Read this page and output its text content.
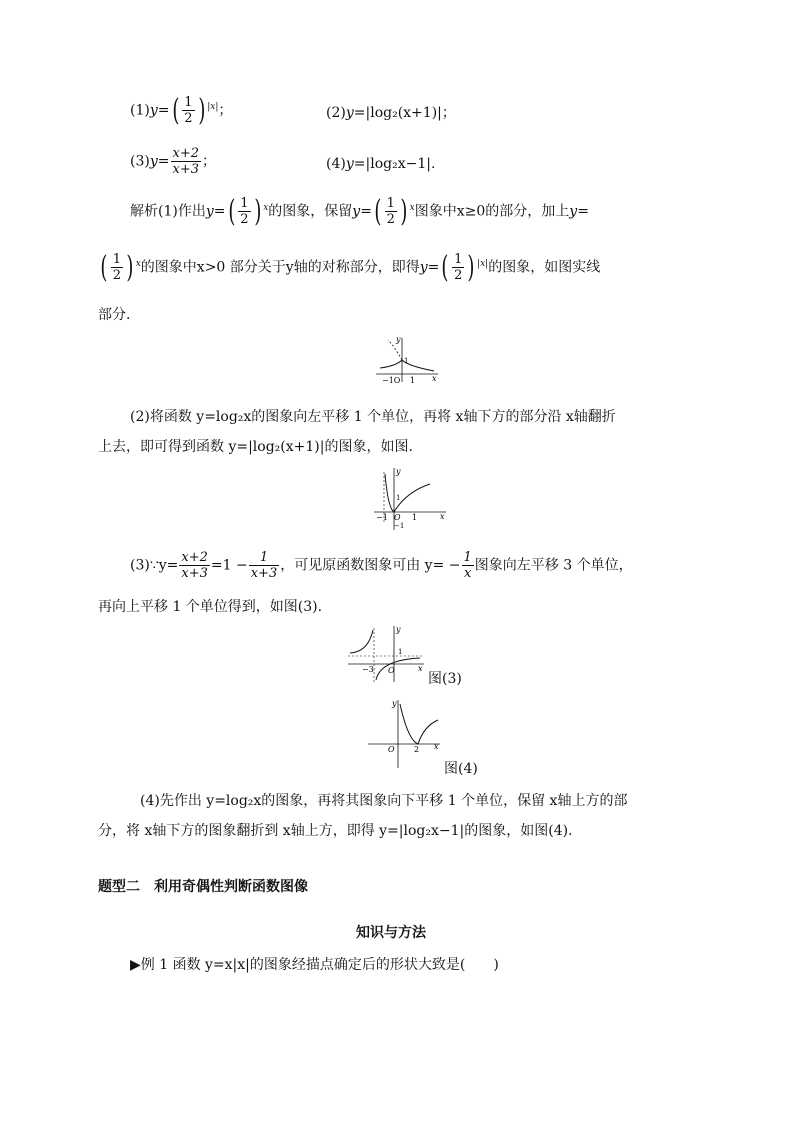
$(1)y=( \frac{1}{2}$ ) $^{|x|}$；	(2)y=|log₂(x+1)|；
$(3)y= \frac{x+2}{x+3}$ ；	(4)y=|log₂x−1|.
解析(1)作出$y=( \frac{1}{2}$ ) $^x$的图象，保留$y=( \frac{1}{2}$ ) $^x$图象中x≥0的部分，加上y=
( $\frac{1}{2}$ ) $^x$的图象中x>0 部分关于y轴的对称部分，即得$y=( \frac{1}{2}$ ) $^{|x|}$的图象，如图实线
部分.
y
1
−1O 1 x
(2)将函数 y=log₂x的图象向左平移 1 个单位，再将 x轴下方的部分沿 x轴翻折
上去，即可得到函数 y=|log₂(x+1)|的图象，如图.
y
1
−1 O 1	x
−1
(3)∵y= $\frac{x+2}{x+3} =1 - \frac{1}{x+3}$ ，可见原函数图象可由 $y= - \frac{1}{x}$ 图象向左平移 3 个单位，
再向上平移 1 个单位得到，如图(3).
y
1
−3 O	x
图(3)
y
O 2 x
图(4)
(4)先作出 y=log₂x的图象，再将其图象向下平移 1 个单位，保留 x轴上方的部
分，将 x轴下方的图象翻折到 x轴上方，即得 y=|log₂x−1|的图象，如图(4).
题型二　利用奇偶性判断函数图像
知识与方法
▶例 1 函数 y=x|x|的图象经描点确定后的形状大致是(　　)
